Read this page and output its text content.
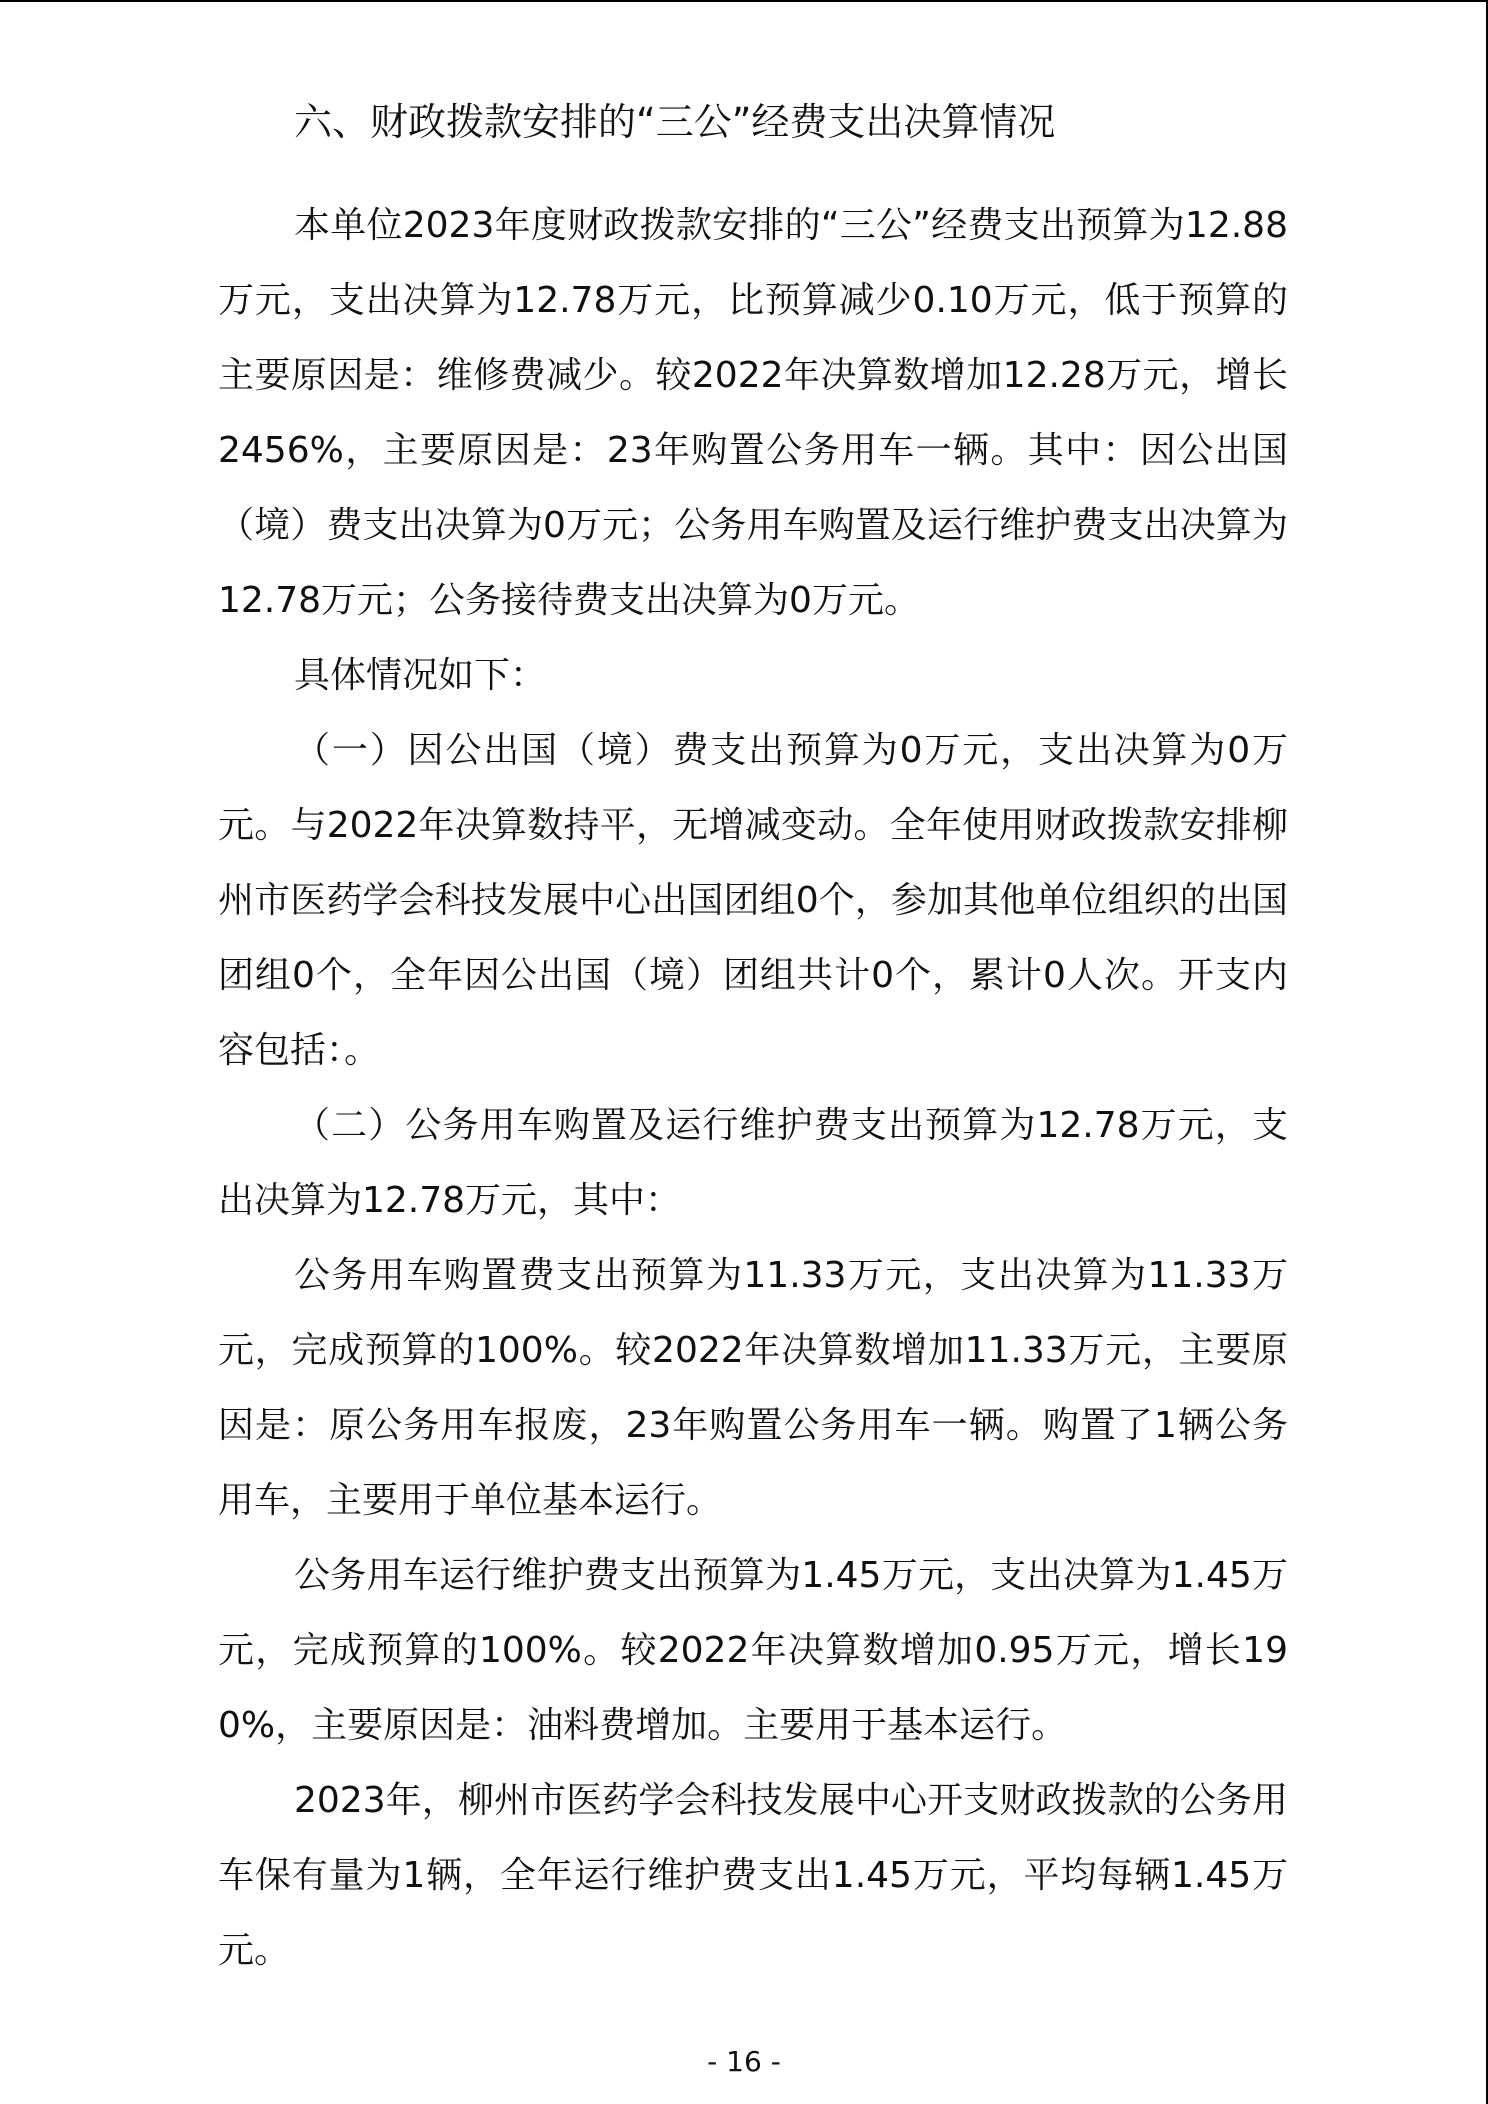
六、财政拨款安排的“三公”经费支出决算情况

本单位2023年度财政拨款安排的“三公”经费支出预算为12.88万元，支出决算为12.78万元，比预算减少0.10万元，低于预算的主要原因是：维修费减少。较2022年决算数增加12.28万元，增长2456%，主要原因是：23年购置公务用车一辆。其中：因公出国（境）费支出决算为0万元；公务用车购置及运行维护费支出决算为12.78万元；公务接待费支出决算为0万元。

具体情况如下：

（一）因公出国（境）费支出预算为0万元，支出决算为0万元。与2022年决算数持平，无增减变动。全年使用财政拨款安排柳州市医药学会科技发展中心出国团组0个，参加其他单位组织的出国团组0个，全年因公出国（境）团组共计0个，累计0人次。开支内容包括：。

（二）公务用车购置及运行维护费支出预算为12.78万元，支出决算为12.78万元，其中：

公务用车购置费支出预算为11.33万元，支出决算为11.33万元，完成预算的100%。较2022年决算数增加11.33万元，主要原因是：原公务用车报废，23年购置公务用车一辆。购置了1辆公务用车，主要用于单位基本运行。

公务用车运行维护费支出预算为1.45万元，支出决算为1.45万元，完成预算的100%。较2022年决算数增加0.95万元，增长190%，主要原因是：油料费增加。主要用于基本运行。

2023年，柳州市医药学会科技发展中心开支财政拨款的公务用车保有量为1辆，全年运行维护费支出1.45万元，平均每辆1.45万元。

- 16 -
